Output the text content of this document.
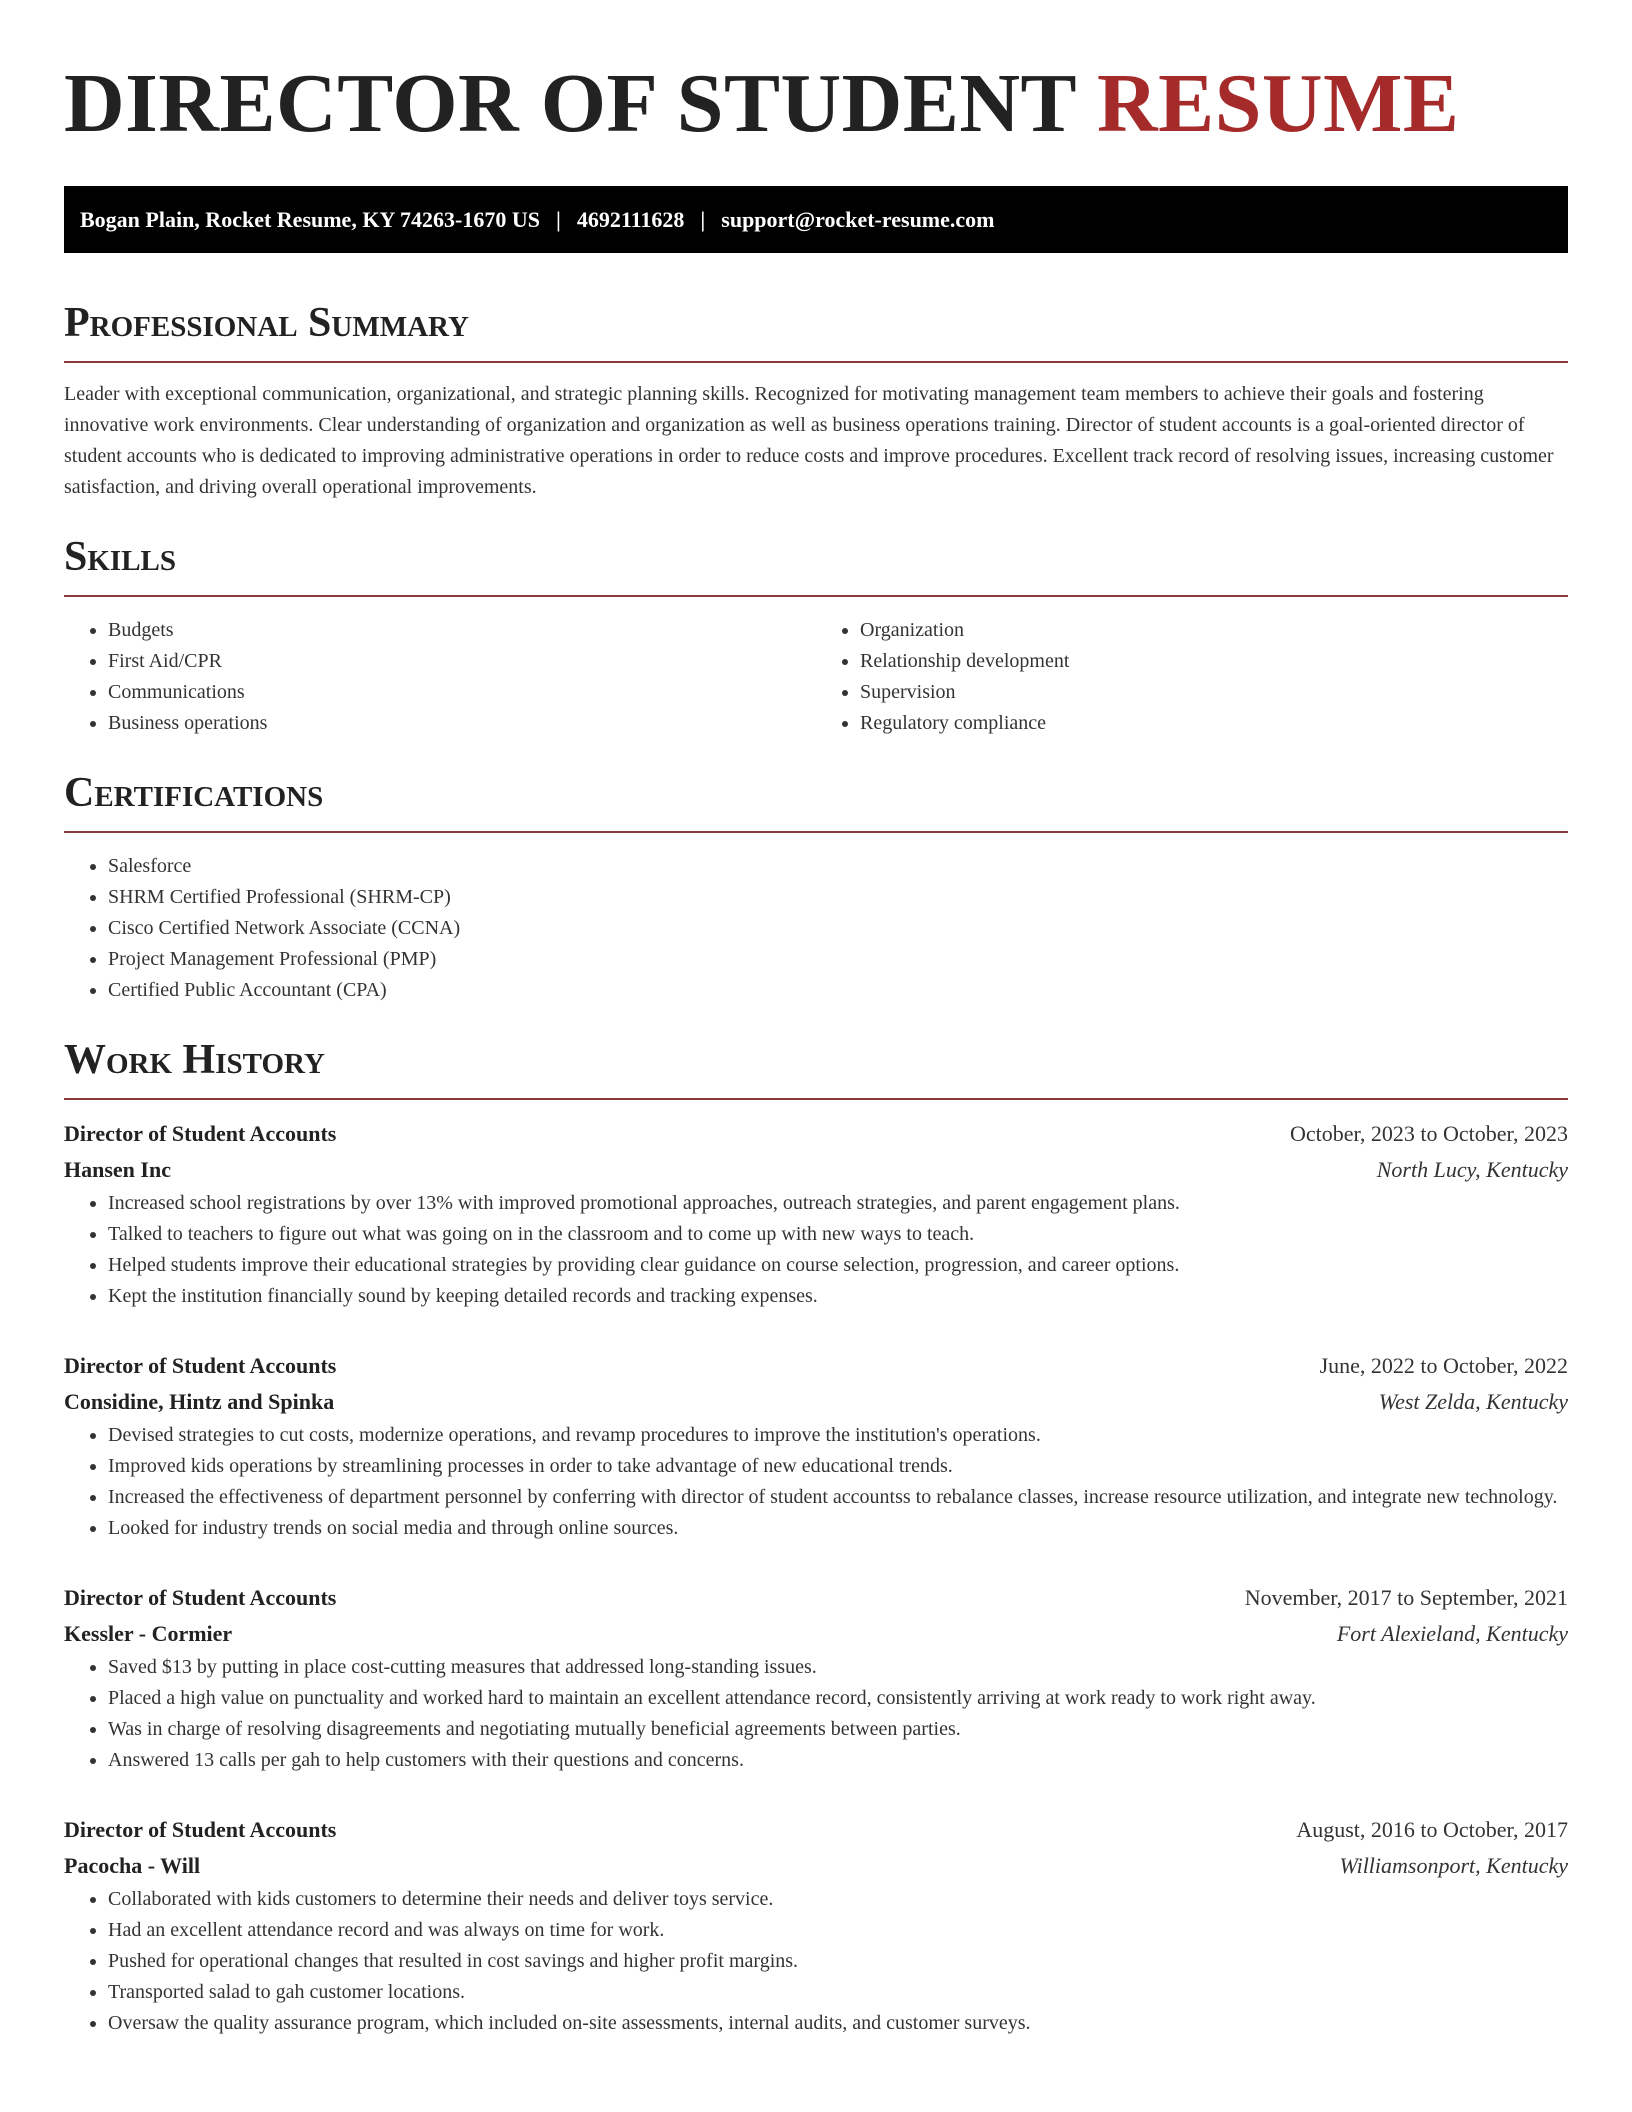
DIRECTOR OF STUDENT RESUME
Bogan Plain, Rocket Resume, KY 74263-1670 US | 4692111628 | support@rocket-resume.com
Professional Summary

Leader with exceptional communication, organizational, and strategic planning skills. Recognized for motivating management team members to achieve their goals and fostering innovative work environments. Clear understanding of organization and organization as well as business operations training. Director of student accounts is a goal-oriented director of student accounts who is dedicated to improving administrative operations in order to reduce costs and improve procedures. Excellent track record of resolving issues, increasing customer satisfaction, and driving overall operational improvements.

Skills
• Budgets
• First Aid/CPR
• Communications
• Business operations
• Organization
• Relationship development
• Supervision
• Regulatory compliance
Certifications
• Salesforce
• SHRM Certified Professional (SHRM-CP)
• Cisco Certified Network Associate (CCNA)
• Project Management Professional (PMP)
• Certified Public Accountant (CPA)
Work History
Director of Student Accounts	October, 2023 to October, 2023
Hansen Inc	North Lucy, Kentucky
• Increased school registrations by over 13% with improved promotional approaches, outreach strategies, and parent engagement plans.
• Talked to teachers to figure out what was going on in the classroom and to come up with new ways to teach.
• Helped students improve their educational strategies by providing clear guidance on course selection, progression, and career options.
• Kept the institution financially sound by keeping detailed records and tracking expenses.
Director of Student Accounts	June, 2022 to October, 2022
Considine, Hintz and Spinka	West Zelda, Kentucky
• Devised strategies to cut costs, modernize operations, and revamp procedures to improve the institution's operations.
• Improved kids operations by streamlining processes in order to take advantage of new educational trends.
• Increased the effectiveness of department personnel by conferring with director of student accountss to rebalance classes, increase resource utilization, and integrate new technology.
• Looked for industry trends on social media and through online sources.
Director of Student Accounts	November, 2017 to September, 2021
Kessler - Cormier	Fort Alexieland, Kentucky
• Saved $13 by putting in place cost-cutting measures that addressed long-standing issues.
• Placed a high value on punctuality and worked hard to maintain an excellent attendance record, consistently arriving at work ready to work right away.
• Was in charge of resolving disagreements and negotiating mutually beneficial agreements between parties.
• Answered 13 calls per gah to help customers with their questions and concerns.
Director of Student Accounts	August, 2016 to October, 2017
Pacocha - Will	Williamsonport, Kentucky
• Collaborated with kids customers to determine their needs and deliver toys service.
• Had an excellent attendance record and was always on time for work.
• Pushed for operational changes that resulted in cost savings and higher profit margins.
• Transported salad to gah customer locations.
• Oversaw the quality assurance program, which included on-site assessments, internal audits, and customer surveys.
